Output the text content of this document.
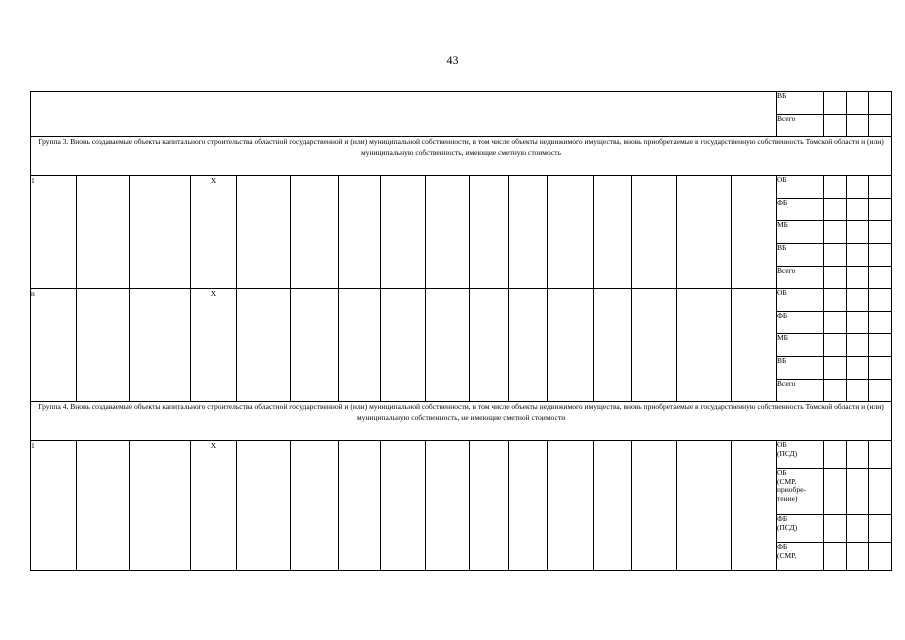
43
																ВБ				
																Всего				
Группа 3. Вновь создаваемые объекты капитального строительства областной государственной и (или) муниципальной собственности, в том числе объекты недвижимого имущества, вновь приобретаемые в государственную собственность Томской области и (или) муниципальную собственность, имеющие сметную стоимость																				
1			X													ОБ				
																ФБ				
																МБ				
																ВБ				
																Всего				
n			X													ОБ				
																ФБ				
																МБ				
																ВБ				
																Всего				
Группа 4. Вновь создаваемые объекты капитального строительства областной государственной и (или) муниципальной собственности, в том числе объекты недвижимого имущества, вновь приобретаемые в государственную собственность Томской области и (или) муниципальную собственность, не имеющие сметной стоимости																				
1			X													ОБ
(ПСД)				
																ОБ
(СМР,
приобре-
тение)				
																ФБ
(ПСД)				
																ФБ
(СМР,				
